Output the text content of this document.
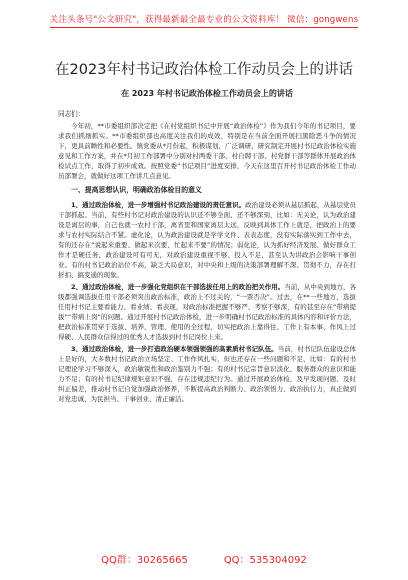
关注头条号"公文研究"，获得最新最全最专业的公文资料库！ 微信：gongwens
在2023年村书记政治体检工作动员会上的讲话
在 2023 年村书记政治体检工作动员会上的讲话
同志们：

今年初，**市委组织部决定把《在村党组织书记中开展“政治体检”》作为我们今年的书记项目，要求我们抓细抓实。**市委组织部也高度关注我们的成效，特别是在当前全面开展扫黑除恶斗争的情况下，更具前瞻性和必要性。镇党委从*月份起，积极谋划，广泛调研，研究制定开展村书记政治体检实施意见和工作方案，并在*月初工作部署中分别对村两委干部、村自聘干部、村党群干部等群体开展政治体检试点工作，取得了初步成效。按照党委“书记项目”进度安排，今天在这里召开村书记政治体检工作动员部署会，就做好这项工作讲几点意见。

一、提高思想认识，明确政治体检目的意义

1、通过政治体检，进一步增强村书记政治建设的责任意识。政治建设必须从基层抓起，从基层党员干部抓起。当前，有些村书记对政治建设的认识还不够全面、还不够深刻，比如：无关论，认为政治建设是离层的事，自己也就一农村干部，离省里和国家离层太远，反映到具体工作上就是，把政治上的要求与农村实际结合不紧。虚化论，认为政治建设就是学学文件、表表态度，没有实际落实到工作中去，有的还存在“说起来重要、做起来次要、忙起来不要”的情况；弱化论，认为抓好经济发展、做好群众工作才是硬任务，政治建设可有可无，对政治建设重视不够、投入不足，甚至认为讲政治会影响干事创业。有的村书记政治站位不高，缺乏大局意识，对中央和上级的决策部署理解不深、贯彻不力，存在打折扣、搞变通的现象。

2、通过政治体检，进一步强化党组织在干部选拔任用上的政治把关作用。当前，从中央到地方，各级都强调选拔任用干部必须突出政治标准，政治上不过关的，“一票否决”。过去，在**一些地方，选拔任用村书记主要看能力、看业绩、看表现，对政治标准把握不够严、考察不够深，有的甚至存在“带病提拔”“带病上岗”的问题。通过开展村书记政治体检，进一步明确村书记政治标准的具体内容和评价方法，把政治标准贯穿于选拔、培养、管理、使用的全过程，切实把政治上靠得住、工作上有本事、作风上过得硬、人民群众信得过的优秀人才选拔到村书记岗位上来。

3、通过政治体检，进一步打造政治硬本领强领强的高素质村书记队伍。当前，村书记队伍建设总体上是好的，大多数村书记政治立场坚定、工作作风扎实，但也还存在一些问题和不足，比如：有的村书记理论学习不够深入，政治敏锐性和政治鉴别力不强；有的村书记宗旨意识淡化，服务群众的意识和能力不足；有的村书记纪律规矩意识不强，存在违规违纪行为。通过开展政治体检，及早发现问题、及时纠正偏差，推动村书记自觉加强政治修养，不断提高政治判断力、政治领悟力、政治执行力，真正做到对党忠诚、为民担当、干事创业、清正廉洁。

QQ群：30265665	QQ：535304092
